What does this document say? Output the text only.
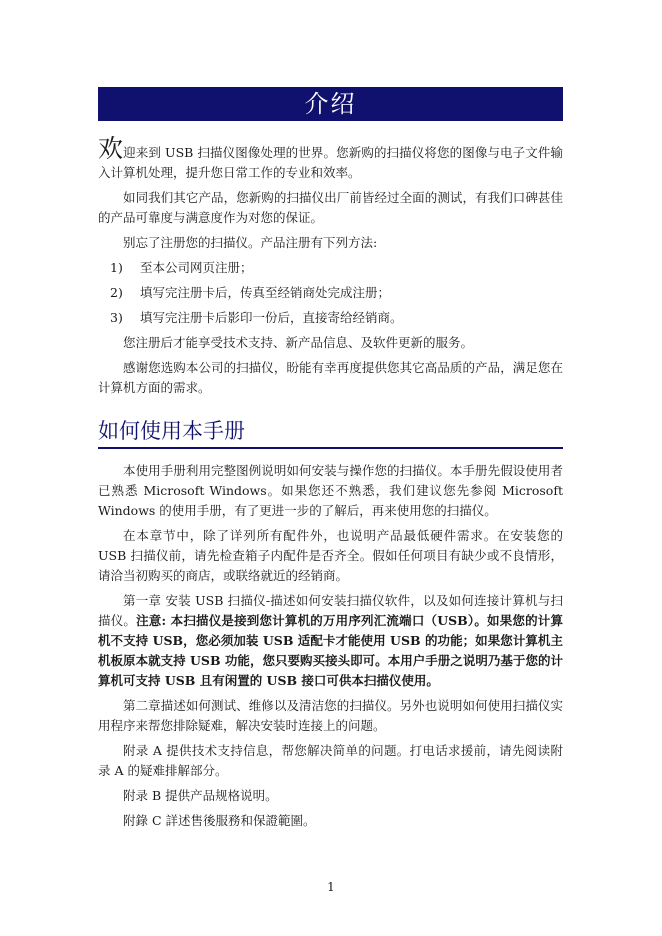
介绍

欢迎来到 USB 扫描仪图像处理的世界。您新购的扫描仪将您的图像与电子文件输入计算机处理，提升您日常工作的专业和效率。

如同我们其它产品，您新购的扫描仪出厂前皆经过全面的测试，有我们口碑甚佳的产品可靠度与满意度作为对您的保证。

别忘了注册您的扫描仪。产品注册有下列方法:

1)	至本公司网页注册；
2)	填写完注册卡后，传真至经销商处完成注册；
3)	填写完注册卡后影印一份后，直接寄给经销商。

您注册后才能享受技术支持、新产品信息、及软件更新的服务。

感谢您选购本公司的扫描仪，盼能有幸再度提供您其它高品质的产品，满足您在计算机方面的需求。

如何使用本手册

本使用手册利用完整图例说明如何安装与操作您的扫描仪。本手册先假设使用者已熟悉 Microsoft Windows。如果您还不熟悉，我们建议您先参阅 Microsoft Windows 的使用手册，有了更进一步的了解后，再来使用您的扫描仪。

在本章节中，除了详列所有配件外，也说明产品最低硬件需求。在安装您的 USB 扫描仪前，请先检查箱子内配件是否齐全。假如任何项目有缺少或不良情形，请洽当初购买的商店，或联络就近的经销商。

第一章 安装 USB 扫描仪-描述如何安装扫描仪软件，以及如何连接计算机与扫描仪。注意: 本扫描仪是接到您计算机的万用序列汇流端口（USB）。如果您的计算机不支持 USB，您必须加装 USB 适配卡才能使用 USB 的功能；如果您计算机主机板原本就支持 USB 功能，您只要购买接头即可。本用户手册之说明乃基于您的计算机可支持 USB 且有闲置的 USB 接口可供本扫描仪使用。

第二章描述如何测试、维修以及清洁您的扫描仪。另外也说明如何使用扫描仪实用程序来帮您排除疑难，解决安装时连接上的问题。

附录 A 提供技术支持信息，帮您解决简单的问题。打电话求援前，请先阅读附录 A 的疑难排解部分。

附录 B 提供产品规格说明。

附錄 C 詳述售後服務和保證範圍。

1
